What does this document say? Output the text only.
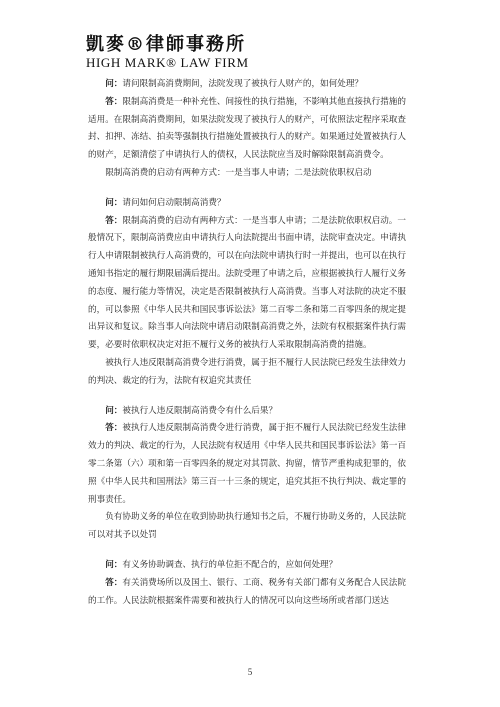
凱麥®律師事務所
HIGH MARK® LAW FIRM

问：请问限制高消费期间，法院发现了被执行人财产的，如何处理？

答：限制高消费是一种补充性、间接性的执行措施，不影响其他直接执行措施的适用。在限制高消费期间，如果法院发现了被执行人的财产，可依照法定程序采取查封、扣押、冻结、拍卖等强制执行措施处置被执行人的财产。如果通过处置被执行人的财产，足额清偿了申请执行人的债权，人民法院应当及时解除限制高消费令。

限制高消费的启动有两种方式：一是当事人申请；二是法院依职权启动

问：请问如何启动限制高消费？

答：限制高消费的启动有两种方式：一是当事人申请；二是法院依职权启动。一般情况下，限制高消费应由申请执行人向法院提出书面申请，法院审查决定。申请执行人申请限制被执行人高消费的，可以在向法院申请执行时一并提出，也可以在执行通知书指定的履行期限届满后提出。法院受理了申请之后，应根据被执行人履行义务的态度、履行能力等情况，决定是否限制被执行人高消费。当事人对法院的决定不服的，可以参照《中华人民共和国民事诉讼法》第二百零二条和第二百零四条的规定提出异议和复议。除当事人向法院申请启动限制高消费之外，法院有权根据案件执行需要，必要时依职权决定对拒不履行义务的被执行人采取限制高消费的措施。

被执行人违反限制高消费令进行消费，属于拒不履行人民法院已经发生法律效力的判决、裁定的行为，法院有权追究其责任

问：被执行人违反限制高消费令有什么后果？

答：被执行人违反限制高消费令进行消费，属于拒不履行人民法院已经发生法律效力的判决、裁定的行为，人民法院有权适用《中华人民共和国民事诉讼法》第一百零二条第（六）项和第一百零四条的规定对其罚款、拘留，情节严重构成犯罪的，依照《中华人民共和国刑法》第三百一十三条的规定，追究其拒不执行判决、裁定罪的刑事责任。

负有协助义务的单位在收到协助执行通知书之后，不履行协助义务的，人民法院可以对其予以处罚

问：有义务协助调查、执行的单位拒不配合的，应如何处理？

答：有关消费场所以及国土、银行、工商、税务有关部门都有义务配合人民法院的工作。人民法院根据案件需要和被执行人的情况可以向这些场所或者部门送达

5
